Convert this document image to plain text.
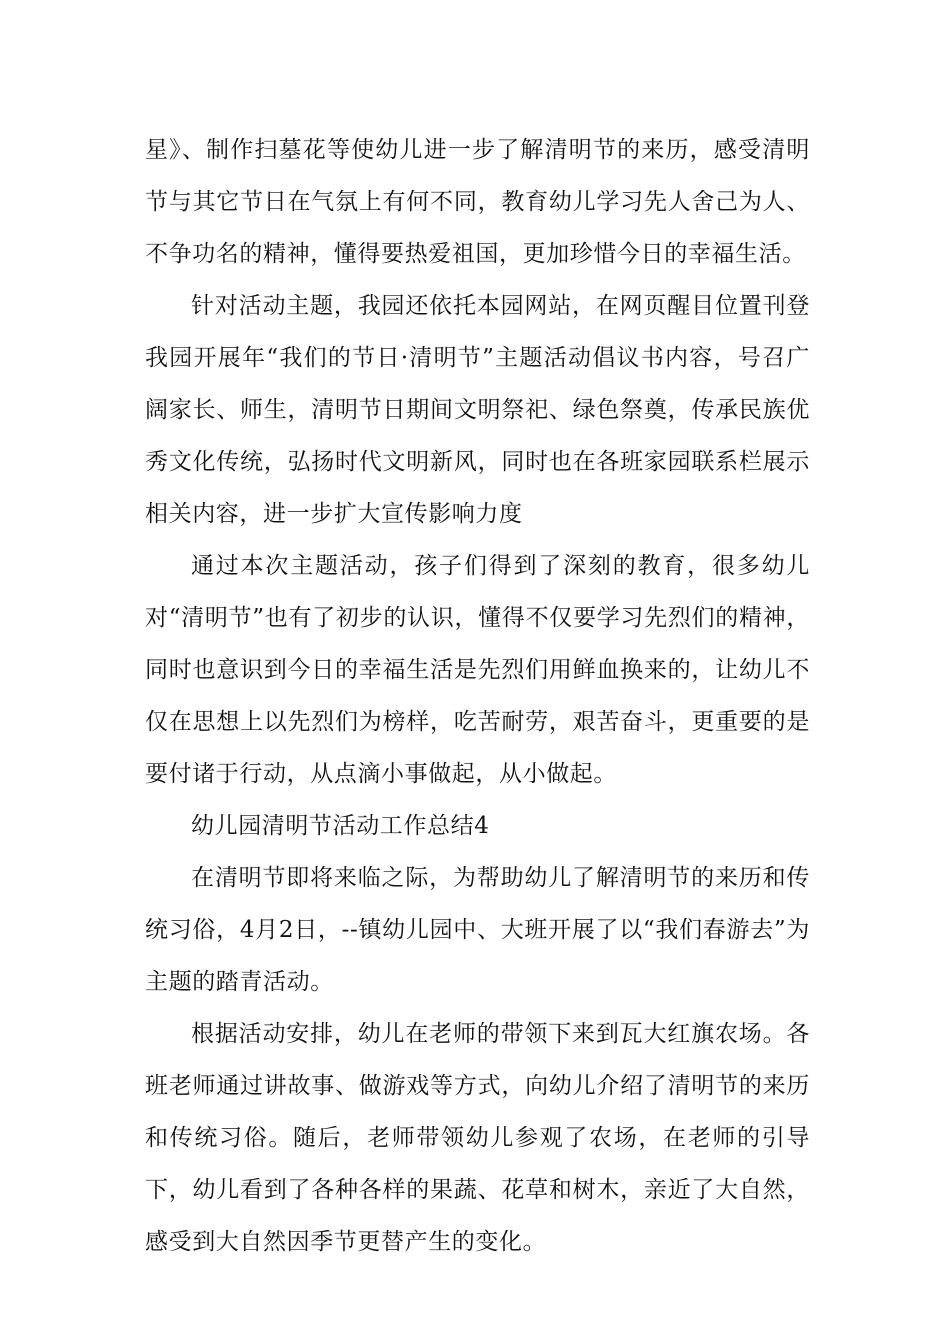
星》、制作扫墓花等使幼儿进一步了解清明节的来历，感受清明节与其它节日在气氛上有何不同，教育幼儿学习先人舍己为人、不争功名的精神，懂得要热爱祖国，更加珍惜今日的幸福生活。

针对活动主题，我园还依托本园网站，在网页醒目位置刊登我园开展年“我们的节日·清明节”主题活动倡议书内容，号召广阔家长、师生，清明节日期间文明祭祀、绿色祭奠，传承民族优秀文化传统，弘扬时代文明新风，同时也在各班家园联系栏展示相关内容，进一步扩大宣传影响力度

通过本次主题活动，孩子们得到了深刻的教育，很多幼儿对“清明节”也有了初步的认识，懂得不仅要学习先烈们的精神，同时也意识到今日的幸福生活是先烈们用鲜血换来的，让幼儿不仅在思想上以先烈们为榜样，吃苦耐劳，艰苦奋斗，更重要的是要付诸于行动，从点滴小事做起，从小做起。

幼儿园清明节活动工作总结4

在清明节即将来临之际，为帮助幼儿了解清明节的来历和传统习俗，4月2日，--镇幼儿园中、大班开展了以“我们春游去”为主题的踏青活动。

根据活动安排，幼儿在老师的带领下来到瓦大红旗农场。各班老师通过讲故事、做游戏等方式，向幼儿介绍了清明节的来历和传统习俗。随后，老师带领幼儿参观了农场，在老师的引导下，幼儿看到了各种各样的果蔬、花草和树木，亲近了大自然，感受到大自然因季节更替产生的变化。
